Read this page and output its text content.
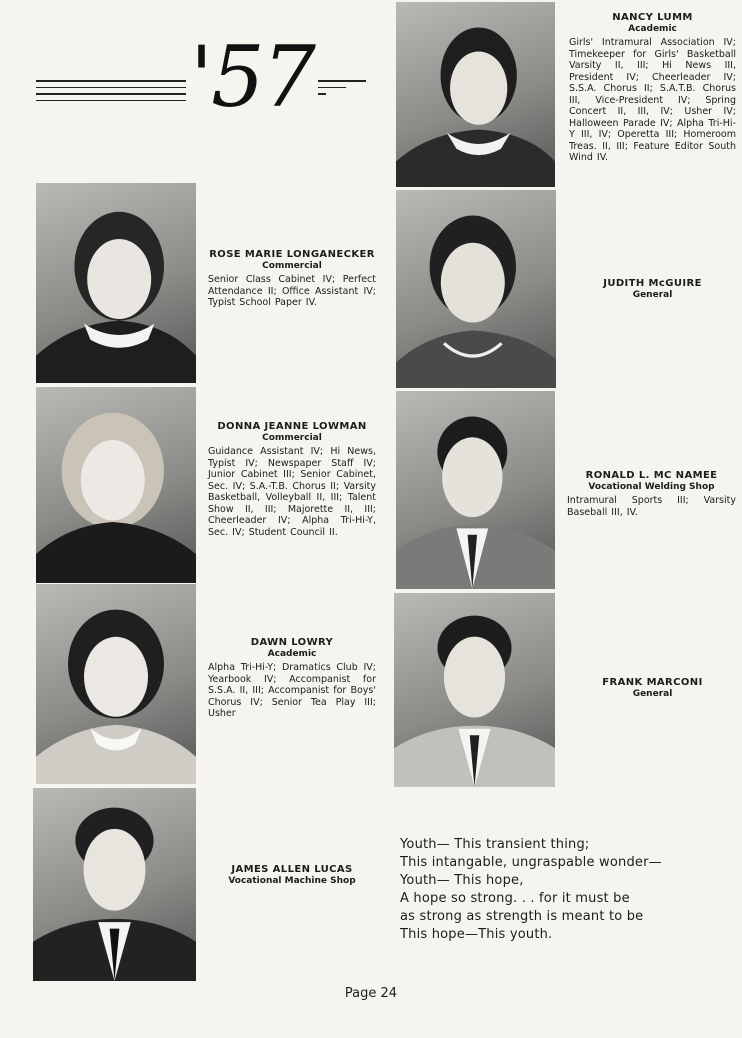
'57
NANCY LUMM
Academic
Girls' Intramural Association IV; Timekeeper for Girls' Basketball Varsity II, III; Hi News III, President IV; Cheerleader IV; S.S.A. Chorus II; S.A.T.B. Chorus III, Vice-President IV; Spring Concert II, III, IV; Usher IV; Halloween Parade IV; Alpha Tri-Hi-Y III, IV; Operetta III; Homeroom Treas. II, III; Feature Editor South Wind IV.
ROSE MARIE LONGANECKER
Commercial
Senior Class Cabinet IV; Perfect Attendance II; Office Assistant IV; Typist School Paper IV.
JUDITH McGUIRE
General
DONNA JEANNE LOWMAN
Commercial
Guidance Assistant IV; Hi News, Typist IV; Newspaper Staff IV; Junior Cabinet III; Senior Cabinet, Sec. IV; S.A.-T.B. Chorus II; Varsity Basketball, Volleyball II, III; Talent Show II, III; Majorette II, III; Cheerleader IV; Alpha Tri-Hi-Y, Sec. IV; Student Council II.
RONALD L. MC NAMEE
Vocational Welding Shop
Intramural Sports III; Varsity Baseball III, IV.
DAWN LOWRY
Academic
Alpha Tri-Hi-Y; Dramatics Club IV; Yearbook IV; Accompanist for S.S.A. II, III; Accompanist for Boys' Chorus IV; Senior Tea Play III; Usher
FRANK MARCONI
General
JAMES ALLEN LUCAS
Vocational Machine Shop
Youth— This transient thing;
This intangable, ungraspable wonder—
Youth— This hope,
A hope so strong. . . for it must be
as strong as strength is meant to be
This hope—This youth.
Page 24
